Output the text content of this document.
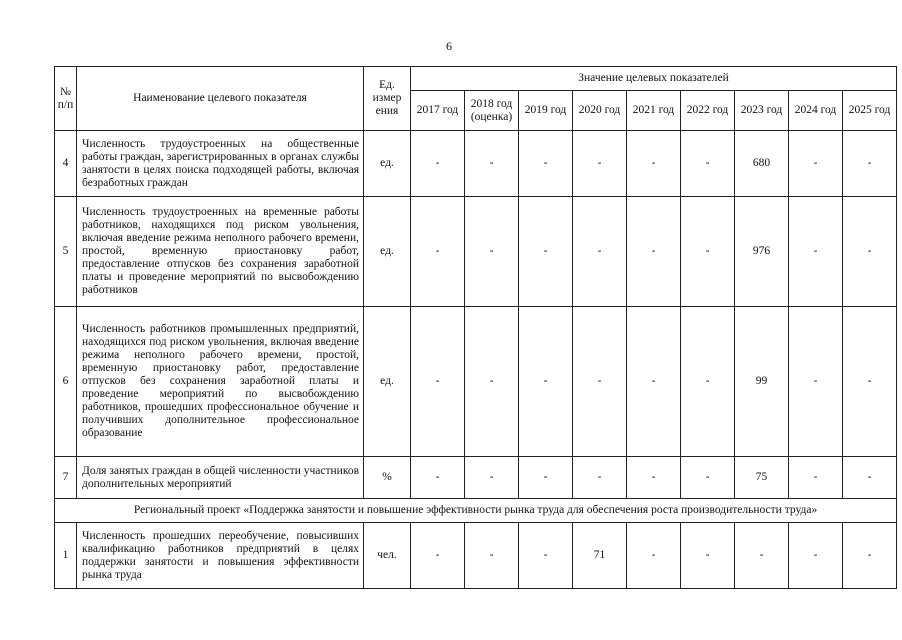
6
№ п/п	Наименование целевого показателя	Ед. измер ения	Значение целевых показателей								
			2017 год	2018 год (оценка)	2019 год	2020 год	2021 год	2022 год	2023 год	2024 год	2025 год
4	Численность трудоустроенных на общественные работы граждан, зарегистрированных в органах службы занятости в целях поиска подходящей работы, включая безработных граждан	ед.	-	-	-	-	-	-	680	-	-
5	Численность трудоустроенных на временные работы работников, находящихся под риском увольнения, включая введение режима неполного рабочего времени, простой, временную приостановку работ, предоставление отпусков без сохранения заработной платы и проведение мероприятий по высвобождению работников	ед.	-	-	-	-	-	-	976	-	-
6	Численность работников промышленных предприятий, находящихся под риском увольнения, включая введение режима неполного рабочего времени, простой, временную приостановку работ, предоставление отпусков без сохранения заработной платы и проведение мероприятий по высвобождению работников, прошедших профессиональное обучение и получивших дополнительное профессиональное образование	ед.	-	-	-	-	-	-	99	-	-
7	Доля занятых граждан в общей численности участников дополнительных мероприятий	%	-	-	-	-	-	-	75	-	-
Региональный проект «Поддержка занятости и повышение эффективности рынка труда для обеспечения роста производительности труда»											
1	Численность прошедших переобучение, повысивших квалификацию работников предприятий в целях поддержки занятости и повышения эффективности рынка труда	чел.	-	-	-	71	-	-	-	-	-
